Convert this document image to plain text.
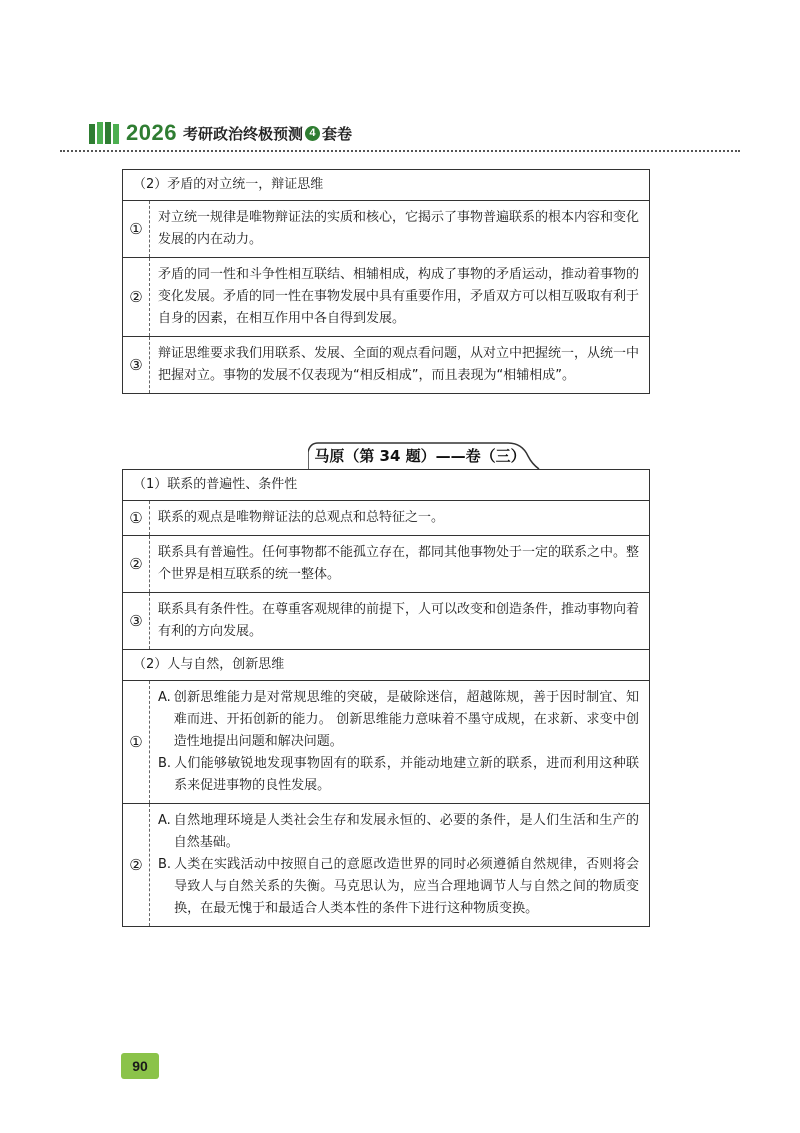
2026 考研政治终极预测 4 套卷
（2）矛盾的对立统一，辩证思维	
①	对立统一规律是唯物辩证法的实质和核心，它揭示了事物普遍联系的根本内容和变化发展的内在动力。
②	矛盾的同一性和斗争性相互联结、相辅相成，构成了事物的矛盾运动，推动着事物的变化发展。矛盾的同一性在事物发展中具有重要作用，矛盾双方可以相互吸取有利于自身的因素，在相互作用中各自得到发展。
③	辩证思维要求我们用联系、发展、全面的观点看问题，从对立中把握统一，从统一中把握对立。事物的发展不仅表现为“相反相成”，而且表现为“相辅相成”。
马原（第 34 题）——卷（三）
（1）联系的普遍性、条件性	
①	联系的观点是唯物辩证法的总观点和总特征之一。
②	联系具有普遍性。任何事物都不能孤立存在，都同其他事物处于一定的联系之中。整个世界是相互联系的统一整体。
③	联系具有条件性。在尊重客观规律的前提下，人可以改变和创造条件，推动事物向着有利的方向发展。
（2）人与自然，创新思维	
①	A. 创新思维能力是对常规思维的突破，是破除迷信，超越陈规，善于因时制宜、知难而进、开拓创新的能力。 创新思维能力意味着不墨守成规，在求新、求变中创造性地提出问题和解决问题。
B. 人们能够敏锐地发现事物固有的联系，并能动地建立新的联系，进而利用这种联系来促进事物的良性发展。

②	A. 自然地理环境是人类社会生存和发展永恒的、必要的条件，是人们生活和生产的自然基础。
B. 人类在实践活动中按照自己的意愿改造世界的同时必须遵循自然规律，否则将会导致人与自然关系的失衡。马克思认为，应当合理地调节人与自然之间的物质变换，在最无愧于和最适合人类本性的条件下进行这种物质变换。
90
